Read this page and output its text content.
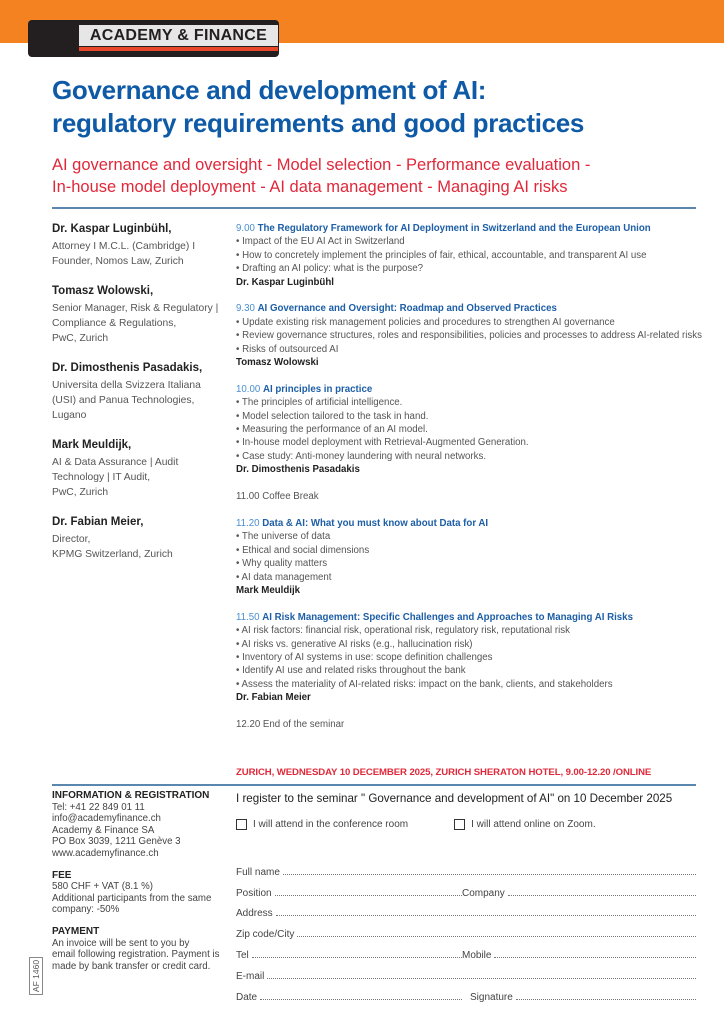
ACADEMY & FINANCE
Governance and development of AI:
regulatory requirements and good practices
AI governance and oversight - Model selection - Performance evaluation -
In-house model deployment - AI data management - Managing AI risks
Dr. Kaspar Luginbühl,
Attorney I M.C.L. (Cambridge) I
Founder, Nomos Law, Zurich
Tomasz Wolowski,
Senior Manager, Risk & Regulatory |
Compliance & Regulations,
PwC, Zurich
Dr. Dimosthenis Pasadakis,
Universita della Svizzera Italiana
(USI) and Panua Technologies,
Lugano
Mark Meuldijk,
AI & Data Assurance | Audit
Technology | IT Audit,
PwC, Zurich
Dr. Fabian Meier,
Director,
KPMG Switzerland, Zurich
9.00 The Regulatory Framework for AI Deployment in Switzerland and the European Union
• Impact of the EU AI Act in Switzerland
• How to concretely implement the principles of fair, ethical, accountable, and transparent AI use
• Drafting an AI policy: what is the purpose?
Dr. Kaspar Luginbühl
9.30 AI Governance and Oversight: Roadmap and Observed Practices
• Update existing risk management policies and procedures to strengthen AI governance
• Review governance structures, roles and responsibilities, policies and processes to address AI-related risks
• Risks of outsourced AI
Tomasz Wolowski
10.00 AI principles in practice
• The principles of artificial intelligence.
• Model selection tailored to the task in hand.
• Measuring the performance of an AI model.
• In-house model deployment with Retrieval-Augmented Generation.
• Case study: Anti-money laundering with neural networks.
Dr. Dimosthenis Pasadakis
11.00 Coffee Break
11.20 Data & AI: What you must know about Data for AI
• The universe of data
• Ethical and social dimensions
• Why quality matters
• AI data management
Mark Meuldijk
11.50 AI Risk Management: Specific Challenges and Approaches to Managing AI Risks
• AI risk factors: financial risk, operational risk, regulatory risk, reputational risk
• AI risks vs. generative AI risks (e.g., hallucination risk)
• Inventory of AI systems in use: scope definition challenges
• Identify AI use and related risks throughout the bank
• Assess the materiality of AI-related risks: impact on the bank, clients, and stakeholders
Dr. Fabian Meier
12.20 End of the seminar
ZURICH, WEDNESDAY 10 DECEMBER 2025, ZURICH SHERATON HOTEL, 9.00-12.20 /ONLINE
INFORMATION & REGISTRATION
Tel: +41 22 849 01 11
info@academyfinance.ch
Academy & Finance SA
PO Box 3039, 1211 Genève 3
www.academyfinance.ch
FEE
580 CHF + VAT (8.1 %)
Additional participants from the same
company: -50%
PAYMENT
An invoice will be sent to you by
email following registration. Payment is
made by bank transfer or credit card.
AF 1460
I register to the seminar " Governance and development of AI" on 10 December 2025
I will attend in the conference room	I will attend online on Zoom.
Full name
Position	Company
Address
Zip code/City
Tel	Mobile
E-mail
Date	Signature
